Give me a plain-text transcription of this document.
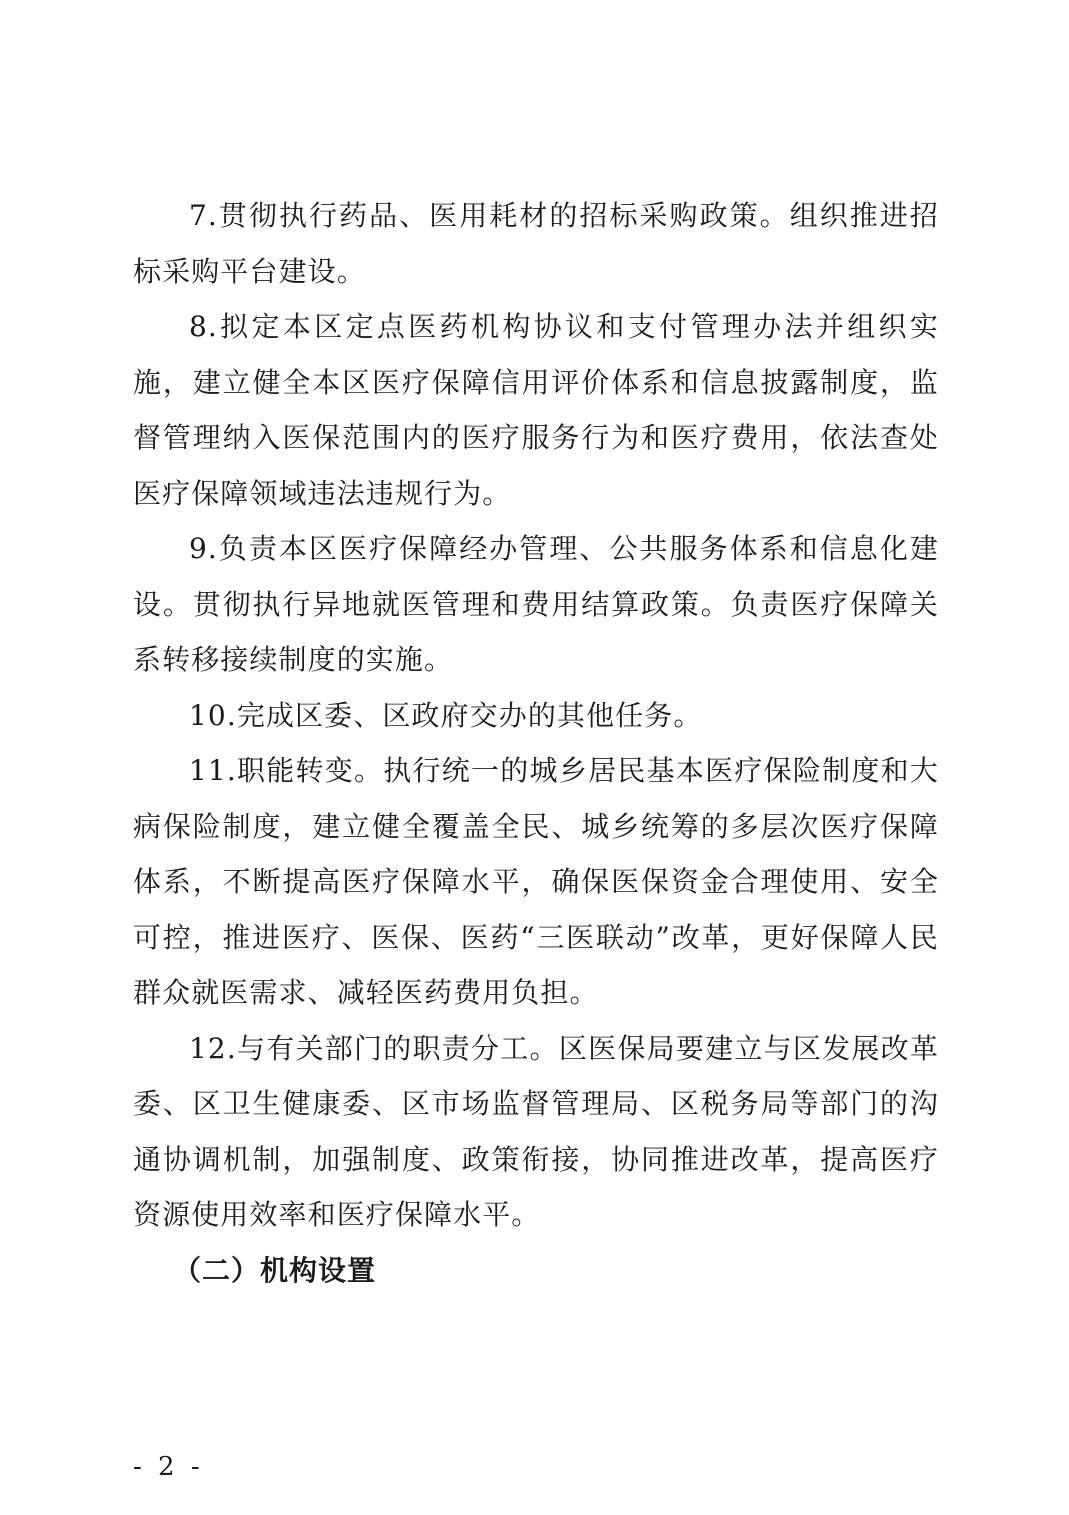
7.贯彻执行药品、医用耗材的招标采购政策。组织推进招标采购平台建设。

8.拟定本区定点医药机构协议和支付管理办法并组织实施，建立健全本区医疗保障信用评价体系和信息披露制度，监督管理纳入医保范围内的医疗服务行为和医疗费用，依法查处医疗保障领域违法违规行为。

9.负责本区医疗保障经办管理、公共服务体系和信息化建设。贯彻执行异地就医管理和费用结算政策。负责医疗保障关系转移接续制度的实施。

10.完成区委、区政府交办的其他任务。

11.职能转变。执行统一的城乡居民基本医疗保险制度和大病保险制度，建立健全覆盖全民、城乡统筹的多层次医疗保障体系，不断提高医疗保障水平，确保医保资金合理使用、安全可控，推进医疗、医保、医药“三医联动”改革，更好保障人民群众就医需求、减轻医药费用负担。

12.与有关部门的职责分工。区医保局要建立与区发展改革委、区卫生健康委、区市场监督管理局、区税务局等部门的沟通协调机制，加强制度、政策衔接，协同推进改革，提高医疗资源使用效率和医疗保障水平。

（二）机构设置

- 2 -
